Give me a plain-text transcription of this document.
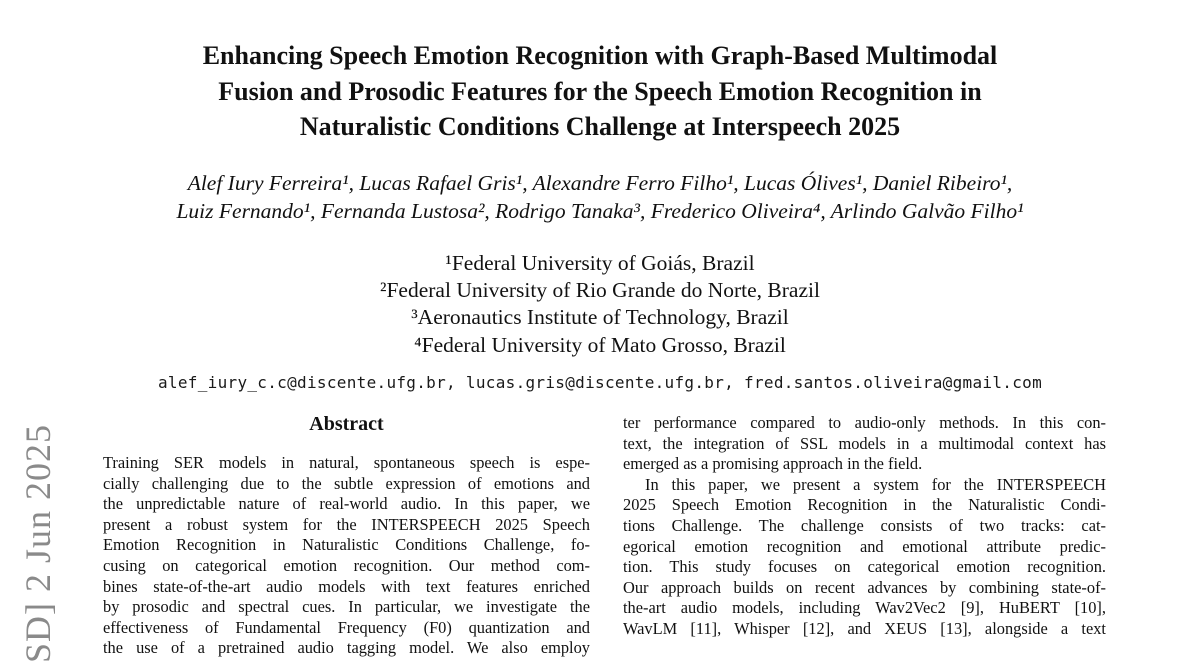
SD] 2 Jun 2025
Enhancing Speech Emotion Recognition with Graph-Based Multimodal
Fusion and Prosodic Features for the Speech Emotion Recognition in
Naturalistic Conditions Challenge at Interspeech 2025
Alef Iury Ferreira¹, Lucas Rafael Gris¹, Alexandre Ferro Filho¹, Lucas Ólives¹, Daniel Ribeiro¹,
Luiz Fernando¹, Fernanda Lustosa², Rodrigo Tanaka³, Frederico Oliveira⁴, Arlindo Galvão Filho¹
¹Federal University of Goiás, Brazil
²Federal University of Rio Grande do Norte, Brazil
³Aeronautics Institute of Technology, Brazil
⁴Federal University of Mato Grosso, Brazil
alef_iury_c.c@discente.ufg.br, lucas.gris@discente.ufg.br, fred.santos.oliveira@gmail.com
Abstract
Training SER models in natural, spontaneous speech is espe-
cially challenging due to the subtle expression of emotions and
the unpredictable nature of real-world audio. In this paper, we
present a robust system for the INTERSPEECH 2025 Speech
Emotion Recognition in Naturalistic Conditions Challenge, fo-
cusing on categorical emotion recognition. Our method com-
bines state-of-the-art audio models with text features enriched
by prosodic and spectral cues. In particular, we investigate the
effectiveness of Fundamental Frequency (F0) quantization and
the use of a pretrained audio tagging model. We also employ
ter performance compared to audio-only methods. In this con-
text, the integration of SSL models in a multimodal context has
emerged as a promising approach in the field.
In this paper, we present a system for the INTERSPEECH
2025 Speech Emotion Recognition in the Naturalistic Condi-
tions Challenge. The challenge consists of two tracks: cat-
egorical emotion recognition and emotional attribute predic-
tion. This study focuses on categorical emotion recognition.
Our approach builds on recent advances by combining state-of-
the-art audio models, including Wav2Vec2 [9], HuBERT [10],
WavLM [11], Whisper [12], and XEUS [13], alongside a text
